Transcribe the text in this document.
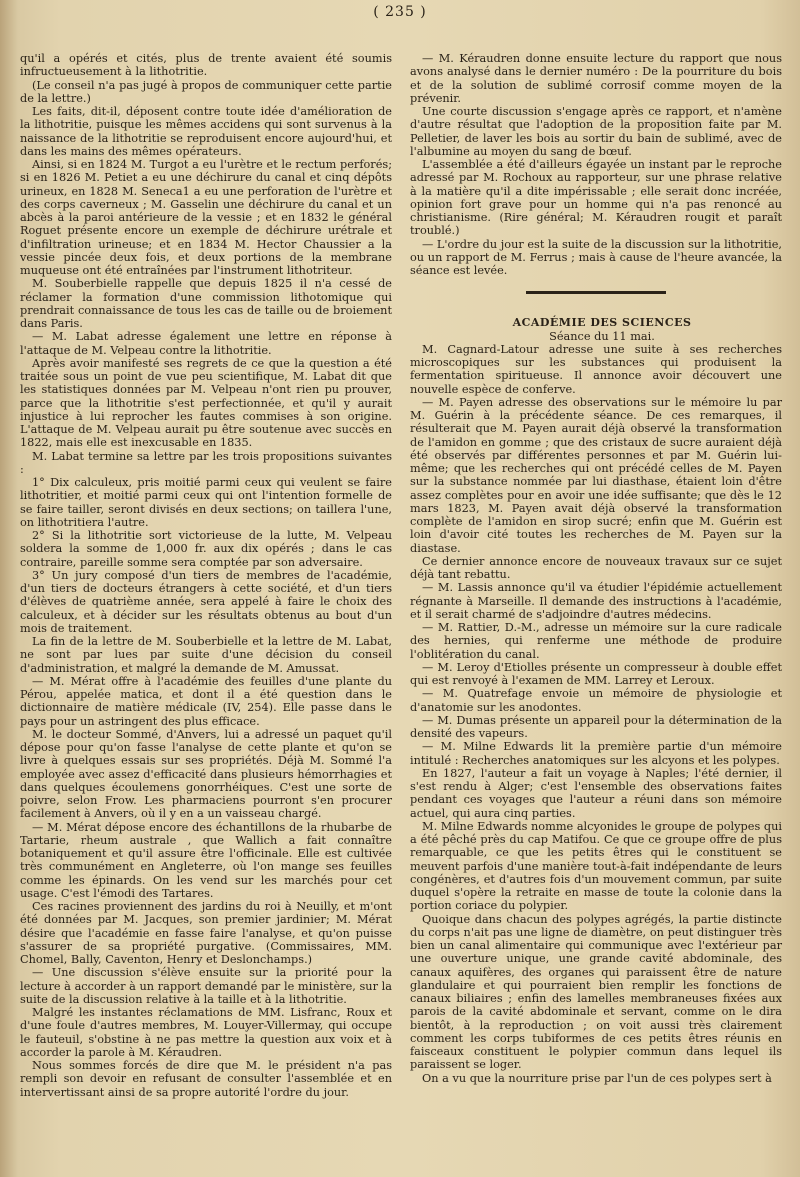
( 235 )

qu'il a opérés et cités, plus de trente avaient été soumis infructueusement à la lithotritie.

(Le conseil n'a pas jugé à propos de communiquer cette partie de la lettre.)

Les faits, dit-il, déposent contre toute idée d'amélioration de la lithotritie, puisque les mêmes accidens qui sont survenus à la naissance de la lithotritie se reproduisent encore aujourd'hui, et dans les mains des mêmes opérateurs.

Ainsi, si en 1824 M. Turgot a eu l'urètre et le rectum perforés; si en 1826 M. Petiet a eu une déchirure du canal et cinq dépôts urineux, en 1828 M. Seneca1 a eu une perforation de l'urètre et des corps caverneux ; M. Gasselin une déchirure du canal et un abcès à la paroi antérieure de la vessie ; et en 1832 le général Roguet présente encore un exemple de déchirure urétrale et d'infiltration urineuse; et en 1834 M. Hector Chaussier a la vessie pincée deux fois, et deux portions de la membrane muqueuse ont été entraînées par l'instrument lithotriteur.

M. Souberbielle rappelle que depuis 1825 il n'a cessé de réclamer la formation d'une commission lithotomique qui prendrait connaissance de tous les cas de taille ou de broiement dans Paris.

— M. Labat adresse également une lettre en réponse à l'attaque de M. Velpeau contre la lithotritie.

Après avoir manifesté ses regrets de ce que la question a été traitée sous un point de vue peu scientifique, M. Labat dit que les statistiques données par M. Velpeau n'ont rien pu prouver, parce que la lithotritie s'est perfectionnée, et qu'il y aurait injustice à lui reprocher les fautes commises à son origine. L'attaque de M. Velpeau aurait pu être soutenue avec succès en 1822, mais elle est inexcusable en 1835.

M. Labat termine sa lettre par les trois propositions suivantes :

1° Dix calculeux, pris moitié parmi ceux qui veulent se faire lithotritier, et moitié parmi ceux qui ont l'intention formelle de se faire tailler, seront divisés en deux sections; on taillera l'une, on lithotritiera l'autre.

2° Si la lithotritie sort victorieuse de la lutte, M. Velpeau soldera la somme de 1,000 fr. aux dix opérés ; dans le cas contraire, pareille somme sera comptée par son adversaire.

3° Un jury composé d'un tiers de membres de l'académie, d'un tiers de docteurs étrangers à cette société, et d'un tiers d'élèves de quatrième année, sera appelé à faire le choix des calculeux, et à décider sur les résultats obtenus au bout d'un mois de traitement.

La fin de la lettre de M. Souberbielle et la lettre de M. Labat, ne sont par lues par suite d'une décision du conseil d'administration, et malgré la demande de M. Amussat.

— M. Mérat offre à l'académie des feuilles d'une plante du Pérou, appelée matica, et dont il a été question dans le dictionnaire de matière médicale (IV, 254). Elle passe dans le pays pour un astringent des plus efficace.

M. le docteur Sommé, d'Anvers, lui a adressé un paquet qu'il dépose pour qu'on fasse l'analyse de cette plante et qu'on se livre à quelques essais sur ses propriétés. Déjà M. Sommé l'a employée avec assez d'efficacité dans plusieurs hémorrhagies et dans quelques écoulemens gonorrhéiques. C'est une sorte de poivre, selon Frow. Les pharmaciens pourront s'en procurer facilement à Anvers, où il y en a un vaisseau chargé.

— M. Mérat dépose encore des échantillons de la rhubarbe de Tartarie, rheum australe , que Wallich a fait connaître botaniquement et qu'il assure être l'officinale. Elle est cultivée très communément en Angleterre, où l'on mange ses feuilles comme les épinards. On les vend sur les marchés pour cet usage. C'est l'émodi des Tartares.

Ces racines proviennent des jardins du roi à Neuilly, et m'ont été données par M. Jacques, son premier jardinier; M. Mérat désire que l'académie en fasse faire l'analyse, et qu'on puisse s'assurer de sa propriété purgative. (Commissaires, MM. Chomel, Bally, Caventon, Henry et Deslonchamps.)

— Une discussion s'élève ensuite sur la priorité pour la lecture à accorder à un rapport demandé par le ministère, sur la suite de la discussion relative à la taille et à la lithotritie.

Malgré les instantes réclamations de MM. Lisfranc, Roux et d'une foule d'autres membres, M. Louyer-Villermay, qui occupe le fauteuil, s'obstine à ne pas mettre la question aux voix et à accorder la parole à M. Kéraudren.

Nous sommes forcés de dire que M. le président n'a pas rempli son devoir en refusant de consulter l'assemblée et en intervertissant ainsi de sa propre autorité l'ordre du jour.

— M. Kéraudren donne ensuite lecture du rapport que nous avons analysé dans le dernier numéro : De la pourriture du bois et de la solution de sublimé corrosif comme moyen de la prévenir.

Une courte discussion s'engage après ce rapport, et n'amène d'autre résultat que l'adoption de la proposition faite par M. Pelletier, de laver les bois au sortir du bain de sublimé, avec de l'albumine au moyen du sang de bœuf.

L'assemblée a été d'ailleurs égayée un instant par le reproche adressé par M. Rochoux au rapporteur, sur une phrase relative à la matière qu'il a dite impérissable ; elle serait donc incréée, opinion fort grave pour un homme qui n'a pas renoncé au christianisme. (Rire général; M. Kéraudren rougit et paraît troublé.)

— L'ordre du jour est la suite de la discussion sur la lithotritie, ou un rapport de M. Ferrus ; mais à cause de l'heure avancée, la séance est levée.

ACADÉMIE DES SCIENCES

Séance du 11 mai.

M. Cagnard-Latour adresse une suite à ses recherches microscopiques sur les substances qui produisent la fermentation spiritueuse. Il annonce avoir découvert une nouvelle espèce de conferve.

— M. Payen adresse des observations sur le mémoire lu par M. Guérin à la précédente séance. De ces remarques, il résulterait que M. Payen aurait déjà observé la transformation de l'amidon en gomme ; que des cristaux de sucre auraient déjà été observés par différentes personnes et par M. Guérin lui-même; que les recherches qui ont précédé celles de M. Payen sur la substance nommée par lui diasthase, étaient loin d'être assez complètes pour en avoir une idée suffisante; que dès le 12 mars 1823, M. Payen avait déjà observé la transformation complète de l'amidon en sirop sucré; enfin que M. Guérin est loin d'avoir cité toutes les recherches de M. Payen sur la diastase.

Ce dernier annonce encore de nouveaux travaux sur ce sujet déjà tant rebattu.

— M. Lassis annonce qu'il va étudier l'épidémie actuellement régnante à Marseille. Il demande des instructions à l'académie, et il serait charmé de s'adjoindre d'autres médecins.

— M. Rattier, D.-M., adresse un mémoire sur la cure radicale des hernies, qui renferme une méthode de produire l'oblitération du canal.

— M. Leroy d'Etiolles présente un compresseur à double effet qui est renvoyé à l'examen de MM. Larrey et Leroux.

— M. Quatrefage envoie un mémoire de physiologie et d'anatomie sur les anodontes.

— M. Dumas présente un appareil pour la détermination de la densité des vapeurs.

— M. Milne Edwards lit la première partie d'un mémoire intitulé : Recherches anatomiques sur les alcyons et les polypes.

En 1827, l'auteur a fait un voyage à Naples; l'été dernier, il s'est rendu à Alger; c'est l'ensemble des observations faites pendant ces voyages que l'auteur a réuni dans son mémoire actuel, qui aura cinq parties.

M. Milne Edwards nomme alcyonides le groupe de polypes qui a été pêché près du cap Matifou. Ce que ce groupe offre de plus remarquable, ce que les petits êtres qui le constituent se meuvent parfois d'une manière tout-à-fait indépendante de leurs congénères, et d'autres fois d'un mouvement commun, par suite duquel s'opère la retraite en masse de toute la colonie dans la portion coriace du polypier.

Quoique dans chacun des polypes agrégés, la partie distincte du corps n'ait pas une ligne de diamètre, on peut distinguer très bien un canal alimentaire qui communique avec l'extérieur par une ouverture unique, une grande cavité abdominale, des canaux aquifères, des organes qui paraissent être de nature glandulaire et qui pourraient bien remplir les fonctions de canaux biliaires ; enfin des lamelles membraneuses fixées aux parois de la cavité abdominale et servant, comme on le dira bientôt, à la reproduction ; on voit aussi très clairement comment les corps tubiformes de ces petits êtres réunis en faisceaux constituent le polypier commun dans lequel ils paraissent se loger.

On a vu que la nourriture prise par l'un de ces polypes sert à
